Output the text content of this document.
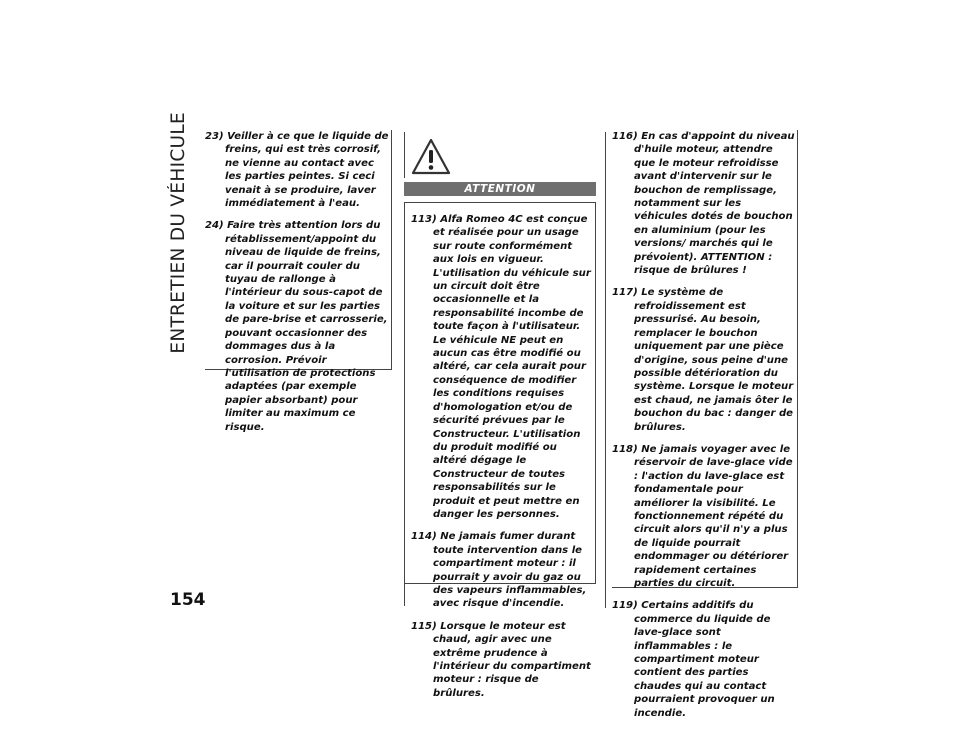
ENTRETIEN DU VÉHICULE
154

23) Veiller à ce que le liquide de freins, qui est très corrosif, ne vienne au contact avec les parties peintes. Si ceci venait à se produire, laver immédiatement à l'eau.

24) Faire très attention lors du rétablissement/appoint du niveau de liquide de freins, car il pourrait couler du tuyau de rallonge à l'intérieur du sous-capot de la voiture et sur les parties de pare-brise et carrosserie, pouvant occasionner des dommages dus à la corrosion. Prévoir l'utilisation de protections adaptées (par exemple papier absorbant) pour limiter au maximum ce risque.

ATTENTION

113) Alfa Romeo 4C est conçue et réalisée pour un usage sur route conformément aux lois en vigueur. L'utilisation du véhicule sur un circuit doit être occasionnelle et la responsabilité incombe de toute façon à l'utilisateur. Le véhicule NE peut en aucun cas être modifié ou altéré, car cela aurait pour conséquence de modifier les conditions requises d'homologation et/ou de sécurité prévues par le Constructeur. L'utilisation du produit modifié ou altéré dégage le Constructeur de toutes responsabilités sur le produit et peut mettre en danger les personnes.

114) Ne jamais fumer durant toute intervention dans le compartiment moteur : il pourrait y avoir du gaz ou des vapeurs inflammables, avec risque d'incendie.

115) Lorsque le moteur est chaud, agir avec une extrême prudence à l'intérieur du compartiment moteur : risque de brûlures.

116) En cas d'appoint du niveau d'huile moteur, attendre que le moteur refroidisse avant d'intervenir sur le bouchon de remplissage, notamment sur les véhicules dotés de bouchon en aluminium (pour les versions/ marchés qui le prévoient). ATTENTION : risque de brûlures !

117) Le système de refroidissement est pressurisé. Au besoin, remplacer le bouchon uniquement par une pièce d'origine, sous peine d'une possible détérioration du système. Lorsque le moteur est chaud, ne jamais ôter le bouchon du bac : danger de brûlures.

118) Ne jamais voyager avec le réservoir de lave-glace vide : l'action du lave-glace est fondamentale pour améliorer la visibilité. Le fonctionnement répété du circuit alors qu'il n'y a plus de liquide pourrait endommager ou détériorer rapidement certaines parties du circuit.

119) Certains additifs du commerce du liquide de lave-glace sont inflammables : le compartiment moteur contient des parties chaudes qui au contact pourraient provoquer un incendie.
